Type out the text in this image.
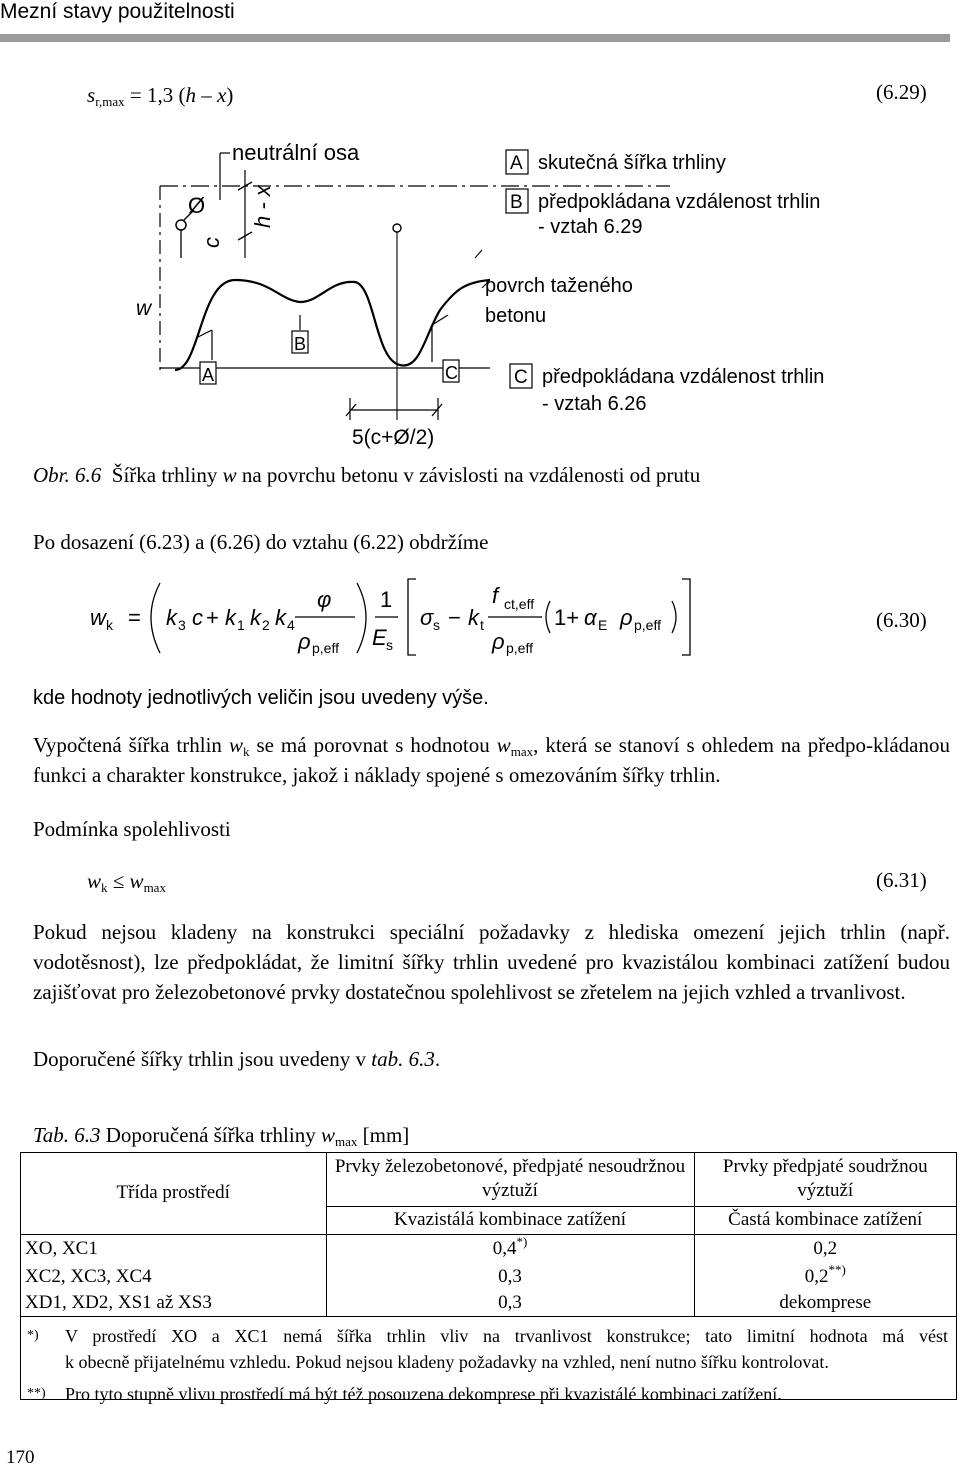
Mezní stavy použitelnosti
$s_{r,max} = 1,3$ (h – x)	(6.29)
Ø
c
h - x
neutrální osa
w
A
B
C
5(c+Ø/2)
povrch taženého
betonu
A skutečná šířka trhliny
B předpokládana vzdálenost trhlin
- vztah 6.29
C předpokládana vzdálenost trhlin
- vztah 6.26
Obr. 6.6 Šířka trhliny w na povrchu betonu v závislosti na vzdálenosti od prutu
Po dosazení (6.23) a (6.26) do vztahu (6.22) obdržíme
w k = k 3 c + k 1 k 2 k 4
φ
ρ p,eff
1
E s
σ s − k t
f ct,eff
ρ p,eff
1+ α E ρ p,eff	(6.30)
kde hodnoty jednotlivých veličin jsou uvedeny výše.
Vypočtená šířka trhlin $w_k$ se má porovnat s hodnotou $w_{max}$, která se stanoví s ohledem na předpo-kládanou funkci a charakter konstrukce, jakož i náklady spojené s omezováním šířky trhlin.
Podmínka spolehlivosti
$w_k \le w_{max}$	(6.31)
Pokud nejsou kladeny na konstrukci speciální požadavky z hlediska omezení jejich trhlin (např. vodotěsnost), lze předpokládat, že limitní šířky trhlin uvedené pro kvazistálou kombinaci zatížení budou zajišťovat pro železobetonové prvky dostatečnou spolehlivost se zřetelem na jejich vzhled a trvanlivost.
Doporučené šířky trhlin jsou uvedeny v tab. 6.3.
Tab. 6.3 Doporučená šířka trhliny $w_{max}$ [mm]
Třída prostředí	Prvky železobetonové, předpjaté nesoudržnou výztuží	Prvky předpjaté soudržnou výztuží
	Kvazistálá kombinace zatížení	Častá kombinace zatížení
XO, XC1	0,4*)	0,2
XC2, XC3, XC4	0,3	0,2**)
XD1, XD2, XS1 až XS3	0,3	dekomprese

*) V prostředí XO a XC1 nemá šířka trhlin vliv na trvanlivost konstrukce; tato limitní hodnota má vést
k obecně přijatelnému vzhledu. Pokud nejsou kladeny požadavky na vzhled, není nutno šířku kontrolovat.
**) Pro tyto stupně vlivu prostředí má být též posouzena dekomprese při kvazistálé kombinaci zatížení.		
170
